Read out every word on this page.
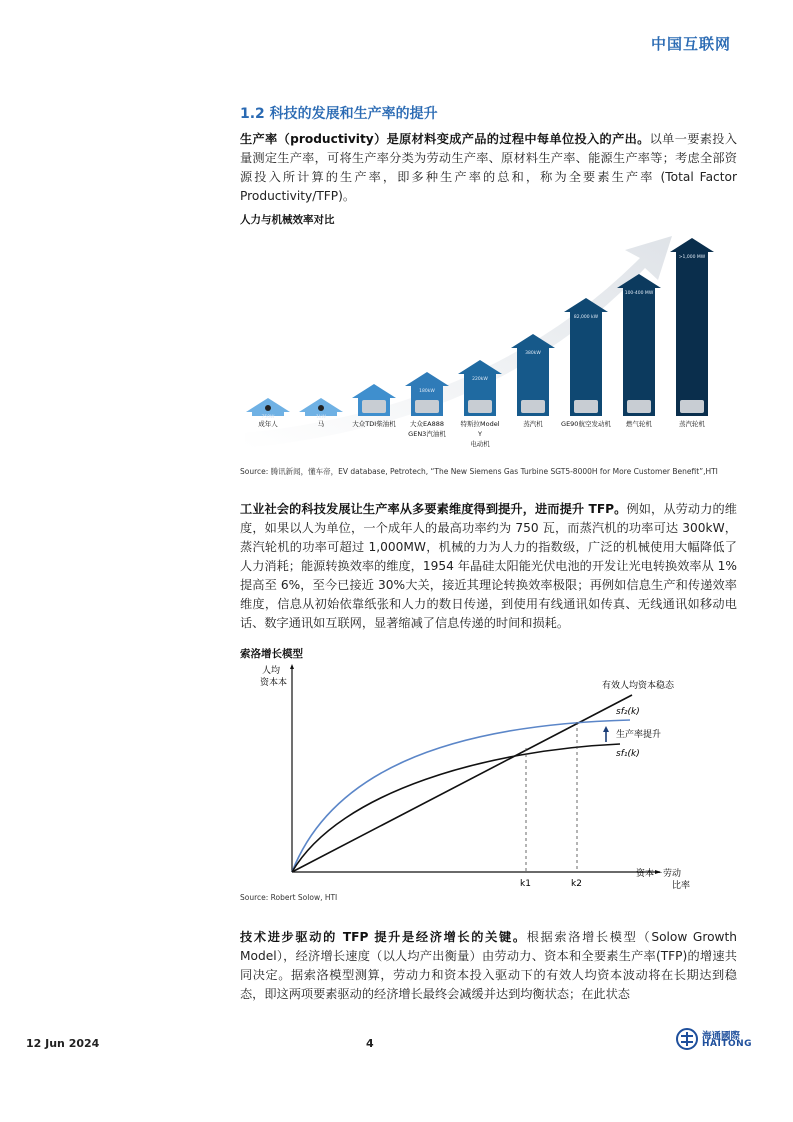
中国互联网
1.2 科技的发展和生产率的提升
生产率（productivity）是原材料变成产品的过程中每单位投入的产出。以单一要素投入量测定生产率，可将生产率分类为劳动生产率、原材料生产率、能源生产率等；考虑全部资源投入所计算的生产率，即多种生产率的总和，称为全要素生产率 (Total Factor Productivity/TFP)。
人力与机械效率对比
750W
成年人
1kW
马	大众TDI柴油机
180kW
大众EA888
GEN3汽油机
220kW
特斯拉Model
Y
电动机
380kW
蒸汽机
82,000 kW
GE90航空发动机
100-400 MW
燃气轮机
>1,000 MW
蒸汽轮机
Source: 腾讯新闻，懂车帝，EV database, Petrotech, “The New Siemens Gas Turbine SGT5-8000H for More Customer Benefit”,HTI
工业社会的科技发展让生产率从多要素维度得到提升，进而提升 TFP。例如，从劳动力的维度，如果以人为单位，一个成年人的最高功率约为 750 瓦，而蒸汽机的功率可达 300kW，蒸汽轮机的功率可超过 1,000MW，机械的力为人力的指数级，广泛的机械使用大幅降低了人力消耗；能源转换效率的维度，1954 年晶硅太阳能光伏电池的开发让光电转换效率从 1%提高至 6%，至今已接近 30%大关，接近其理论转换效率极限；再例如信息生产和传递效率维度，信息从初始依靠纸张和人力的数日传递，到使用有线通讯如传真、无线通讯如移动电话、数字通讯如互联网，显著缩减了信息传递的时间和损耗。
索洛增长模型
人均
资本本
资本－劳动
比率
k1	k2
有效人均资本稳态
sf₂(k)
sf₁(k)
生产率提升
Source: Robert Solow, HTI
技术进步驱动的 TFP 提升是经济增长的关键。根据索洛增长模型（Solow Growth Model），经济增长速度（以人均产出衡量）由劳动力、资本和全要素生产率(TFP)的增速共同决定。据索洛模型测算，劳动力和资本投入驱动下的有效人均资本波动将在长期达到稳态，即这两项要素驱动的经济增长最终会减缓并达到均衡状态；在此状态
12 Jun 2024	4
海通國際
HAITONG
